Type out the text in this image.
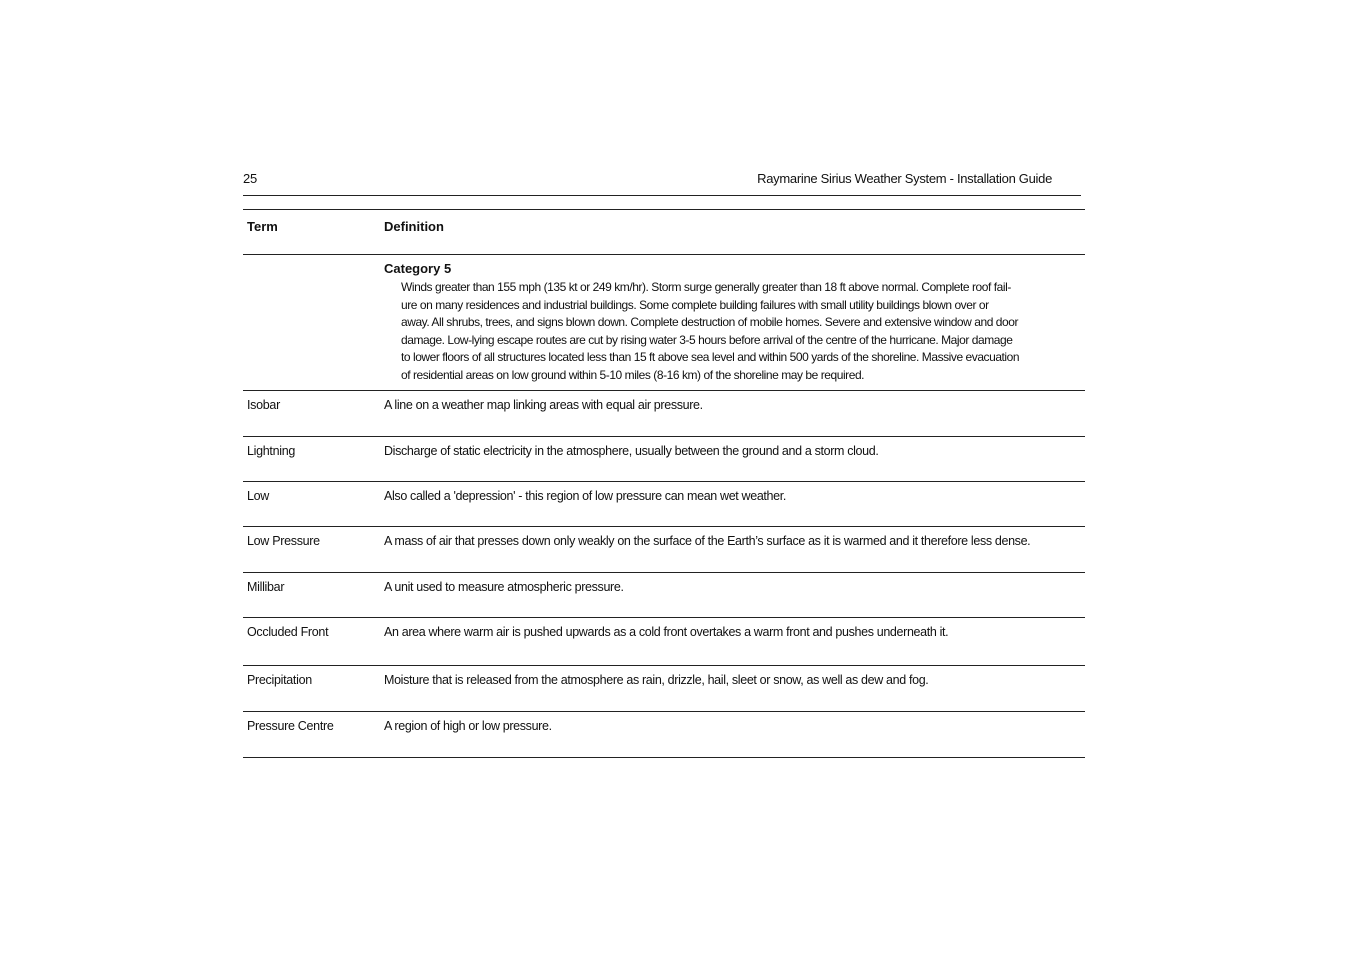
25	Raymarine Sirius Weather System - Installation Guide
Term	Definition
Category 5
Winds greater than 155 mph (135 kt or 249 km/hr). Storm surge generally greater than 18 ft above normal. Complete roof fail-
ure on many residences and industrial buildings. Some complete building failures with small utility buildings blown over or
away. All shrubs, trees, and signs blown down. Complete destruction of mobile homes. Severe and extensive window and door
damage. Low-lying escape routes are cut by rising water 3-5 hours before arrival of the centre of the hurricane. Major damage
to lower floors of all structures located less than 15 ft above sea level and within 500 yards of the shoreline. Massive evacuation
of residential areas on low ground within 5-10 miles (8-16 km) of the shoreline may be required.
Isobar	A line on a weather map linking areas with equal air pressure.
Lightning	Discharge of static electricity in the atmosphere, usually between the ground and a storm cloud.
Low	Also called a 'depression' - this region of low pressure can mean wet weather.
Low Pressure	A mass of air that presses down only weakly on the surface of the Earth’s surface as it is warmed and it therefore less dense.
Millibar	A unit used to measure atmospheric pressure.
Occluded Front	An area where warm air is pushed upwards as a cold front overtakes a warm front and pushes underneath it.
Precipitation	Moisture that is released from the atmosphere as rain, drizzle, hail, sleet or snow, as well as dew and fog.
Pressure Centre	A region of high or low pressure.
